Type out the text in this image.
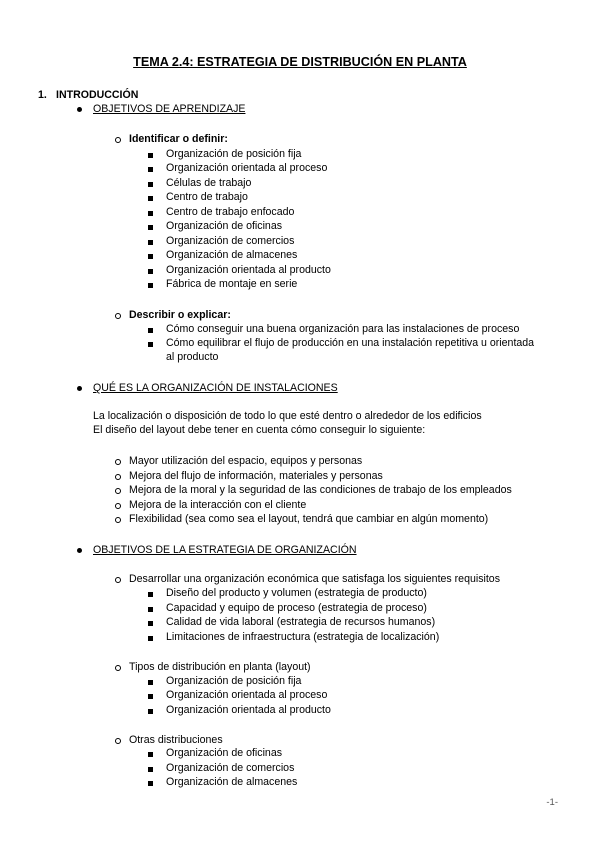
TEMA 2.4: ESTRATEGIA DE DISTRIBUCIÓN EN PLANTA
1. INTRODUCCIÓN
OBJETIVOS DE APRENDIZAJE
Identificar o definir:
Organización de posición fija
Organización orientada al proceso
Células de trabajo
Centro de trabajo
Centro de trabajo enfocado
Organización de oficinas
Organización de comercios
Organización de almacenes
Organización orientada al producto
Fábrica de montaje en serie
Describir o explicar:
Cómo conseguir una buena organización para las instalaciones de proceso
Cómo equilibrar el flujo de producción en una instalación repetitiva u orientada
al producto
QUÉ ES LA ORGANIZACIÓN DE INSTALACIONES
La localización o disposición de todo lo que esté dentro o alrededor de los edificios
El diseño del layout debe tener en cuenta cómo conseguir lo siguiente:
Mayor utilización del espacio, equipos y personas
Mejora del flujo de información, materiales y personas
Mejora de la moral y la seguridad de las condiciones de trabajo de los empleados
Mejora de la interacción con el cliente
Flexibilidad (sea como sea el layout, tendrá que cambiar en algún momento)
OBJETIVOS DE LA ESTRATEGIA DE ORGANIZACIÓN
Desarrollar una organización económica que satisfaga los siguientes requisitos
Diseño del producto y volumen (estrategia de producto)
Capacidad y equipo de proceso (estrategia de proceso)
Calidad de vida laboral (estrategia de recursos humanos)
Limitaciones de infraestructura (estrategia de localización)
Tipos de distribución en planta (layout)
Organización de posición fija
Organización orientada al proceso
Organización orientada al producto
Otras distribuciones
Organización de oficinas
Organización de comercios
Organización de almacenes
-1-
